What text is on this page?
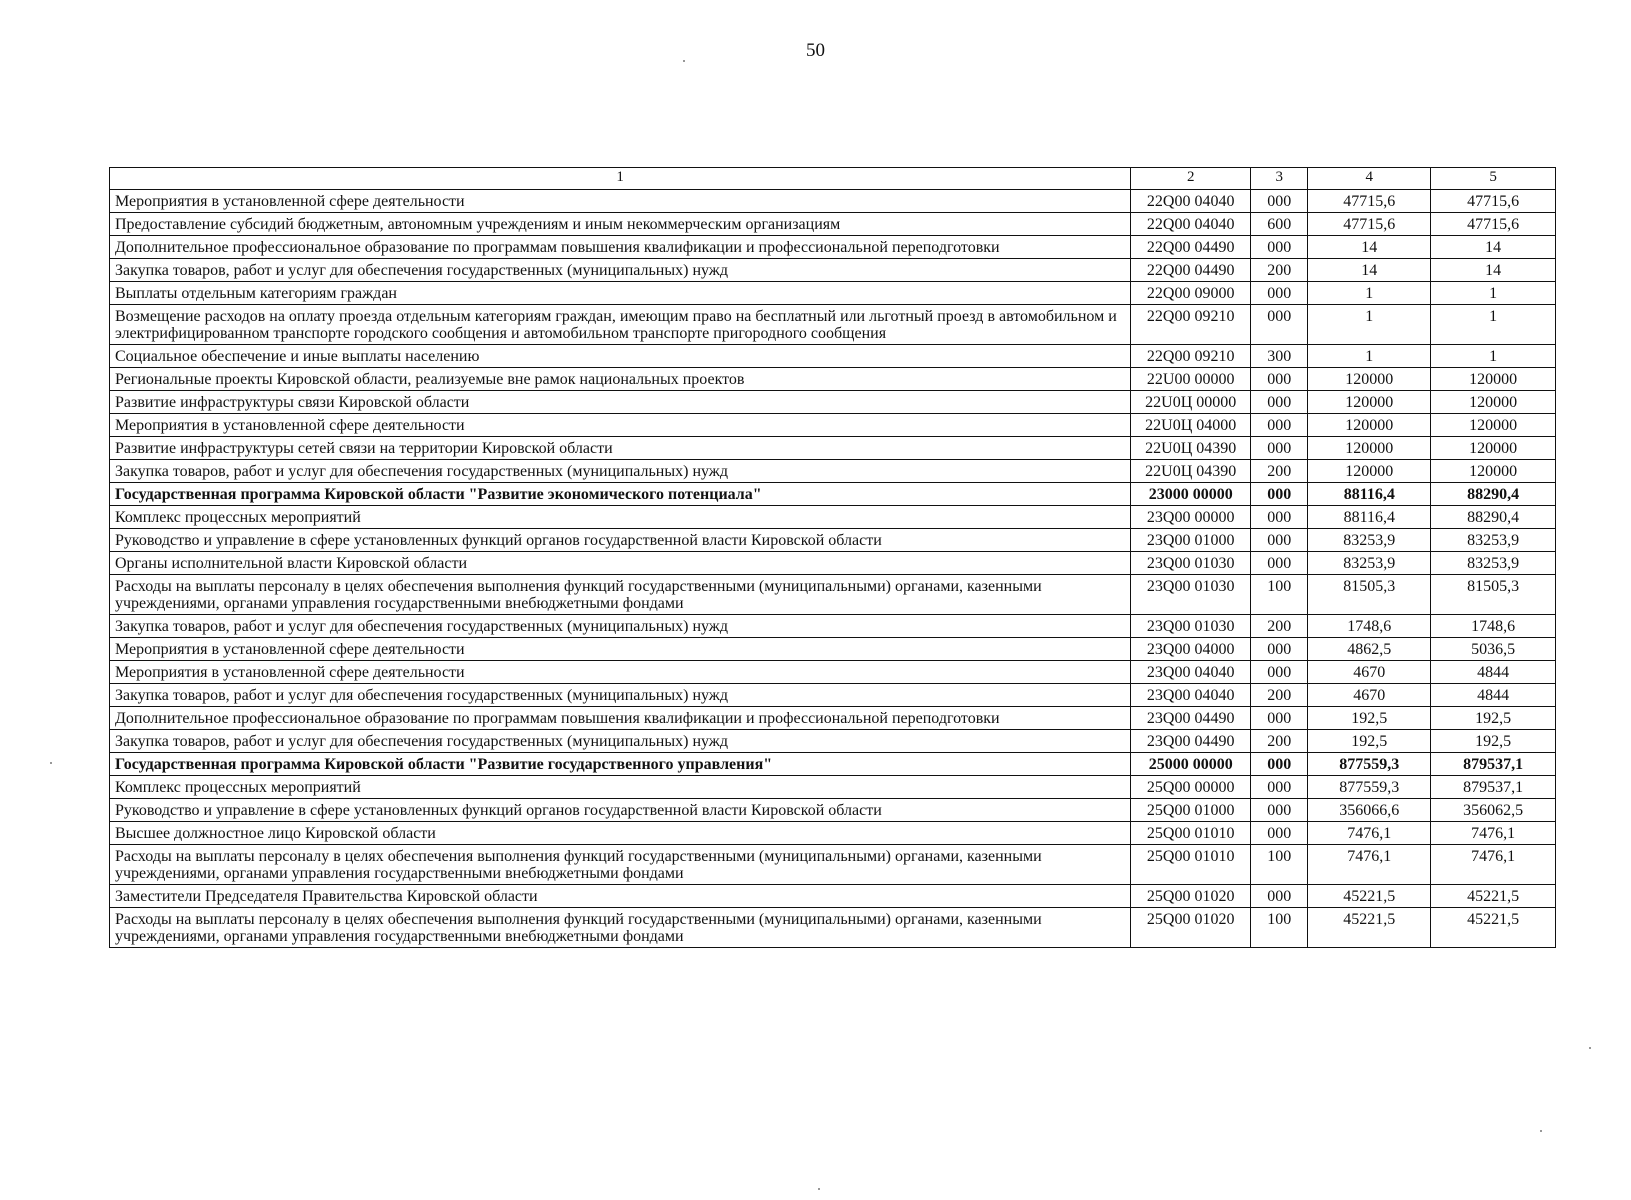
50
1	2	3	4	5
Мероприятия в установленной сфере деятельности	22Q00 04040	000	47715,6	47715,6
Предоставление субсидий бюджетным, автономным учреждениям и иным некоммерческим организациям	22Q00 04040	600	47715,6	47715,6
Дополнительное профессиональное образование по программам повышения квалификации и профессиональной переподготовки	22Q00 04490	000	14	14
Закупка товаров, работ и услуг для обеспечения государственных (муниципальных) нужд	22Q00 04490	200	14	14
Выплаты отдельным категориям граждан	22Q00 09000	000	1	1
Возмещение расходов на оплату проезда отдельным категориям граждан, имеющим право на бесплатный или льготный проезд в автомобильном и электрифицированном транспорте городского сообщения и автомобильном транспорте пригородного сообщения	22Q00 09210	000	1	1
Социальное обеспечение и иные выплаты населению	22Q00 09210	300	1	1
Региональные проекты Кировской области, реализуемые вне рамок национальных проектов	22U00 00000	000	120000	120000
Развитие инфраструктуры связи Кировской области	22U0Ц 00000	000	120000	120000
Мероприятия в установленной сфере деятельности	22U0Ц 04000	000	120000	120000
Развитие инфраструктуры сетей связи на территории Кировской области	22U0Ц 04390	000	120000	120000
Закупка товаров, работ и услуг для обеспечения государственных (муниципальных) нужд	22U0Ц 04390	200	120000	120000
Государственная программа Кировской области "Развитие экономического потенциала"	23000 00000	000	88116,4	88290,4
Комплекс процессных мероприятий	23Q00 00000	000	88116,4	88290,4
Руководство и управление в сфере установленных функций органов государственной власти Кировской области	23Q00 01000	000	83253,9	83253,9
Органы исполнительной власти Кировской области	23Q00 01030	000	83253,9	83253,9
Расходы на выплаты персоналу в целях обеспечения выполнения функций государственными (муниципальными) органами, казенными учреждениями, органами управления государственными внебюджетными фондами	23Q00 01030	100	81505,3	81505,3
Закупка товаров, работ и услуг для обеспечения государственных (муниципальных) нужд	23Q00 01030	200	1748,6	1748,6
Мероприятия в установленной сфере деятельности	23Q00 04000	000	4862,5	5036,5
Мероприятия в установленной сфере деятельности	23Q00 04040	000	4670	4844
Закупка товаров, работ и услуг для обеспечения государственных (муниципальных) нужд	23Q00 04040	200	4670	4844
Дополнительное профессиональное образование по программам повышения квалификации и профессиональной переподготовки	23Q00 04490	000	192,5	192,5
Закупка товаров, работ и услуг для обеспечения государственных (муниципальных) нужд	23Q00 04490	200	192,5	192,5
Государственная программа Кировской области "Развитие государственного управления"	25000 00000	000	877559,3	879537,1
Комплекс процессных мероприятий	25Q00 00000	000	877559,3	879537,1
Руководство и управление в сфере установленных функций органов государственной власти Кировской области	25Q00 01000	000	356066,6	356062,5
Высшее должностное лицо Кировской области	25Q00 01010	000	7476,1	7476,1
Расходы на выплаты персоналу в целях обеспечения выполнения функций государственными (муниципальными) органами, казенными учреждениями, органами управления государственными внебюджетными фондами	25Q00 01010	100	7476,1	7476,1
Заместители Председателя Правительства Кировской области	25Q00 01020	000	45221,5	45221,5
Расходы на выплаты персоналу в целях обеспечения выполнения функций государственными (муниципальными) органами, казенными учреждениями, органами управления государственными внебюджетными фондами	25Q00 01020	100	45221,5	45221,5
